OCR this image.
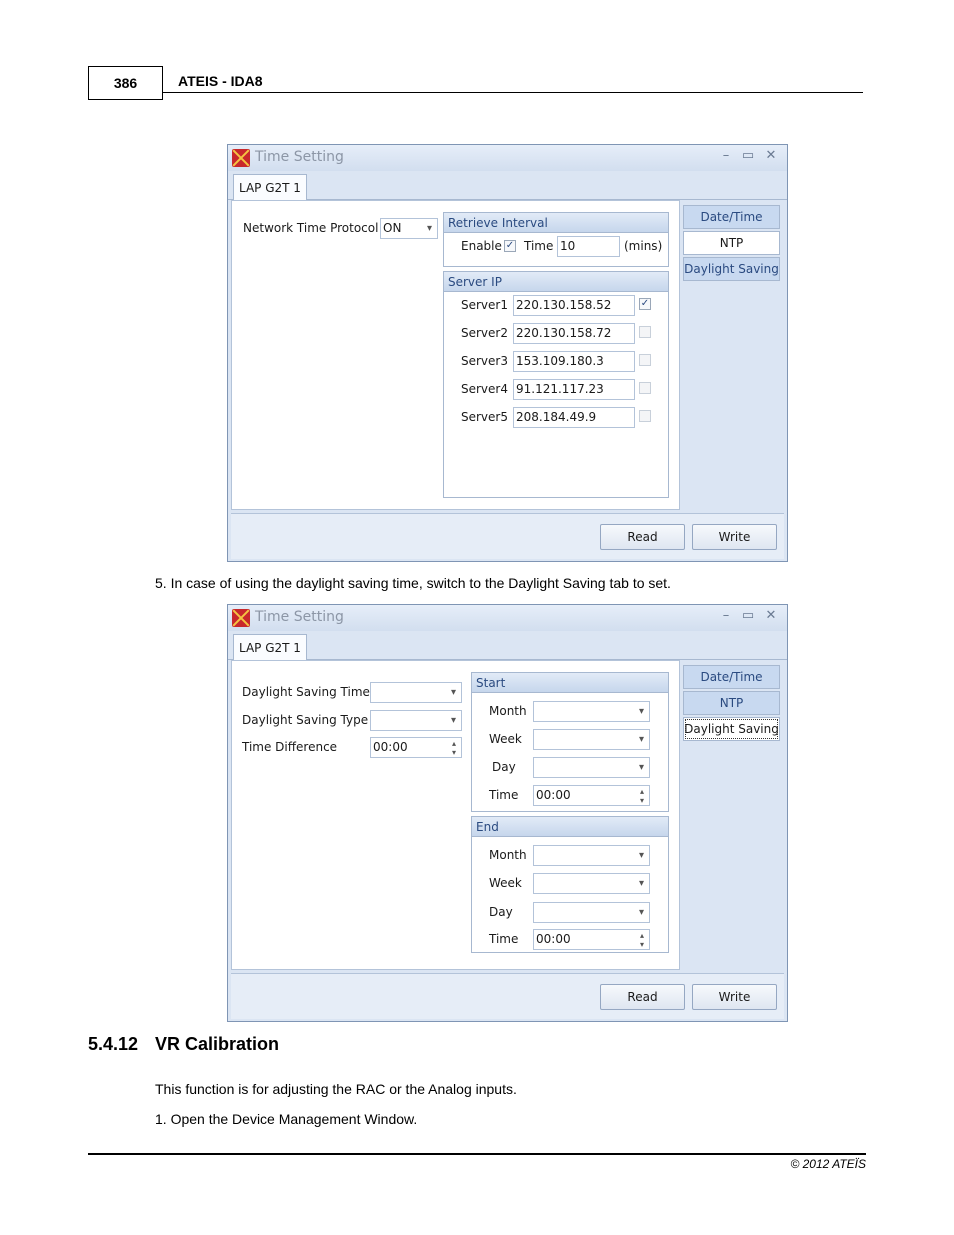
386	ATEIS - IDA8
Time Setting	– ▭ ✕
LAP G2T 1
Network Time Protocol ON ▾	Retrieve Interval
Enable ✓ Time 10	(mins)
Server IP
Server1 220.130.158.52	✓
Server2 220.130.158.72
Server3 153.109.180.3
Server4 91.121.117.23
Server5 208.184.49.9
Date/Time
NTP
Daylight Saving
Read	Write
5. In case of using the daylight saving time, switch to the Daylight Saving tab to set.
Time Setting	– ▭ ✕
LAP G2T 1
Daylight Saving Time
▾
Daylight Saving Type
▾
Time Difference	00:00 ▴ ▾
Start
Month
▾
Week
▾
Day
▾
Time 00:00 ▴ ▾
End
Month
▾
Week
▾
Day
▾
Time 00:00 ▴ ▾
Date/Time
NTP
Daylight Saving
Read	Write
5.4.12 VR Calibration
This function is for adjusting the RAC or the Analog inputs.
1. Open the Device Management Window.
© 2012 ATEÏS
